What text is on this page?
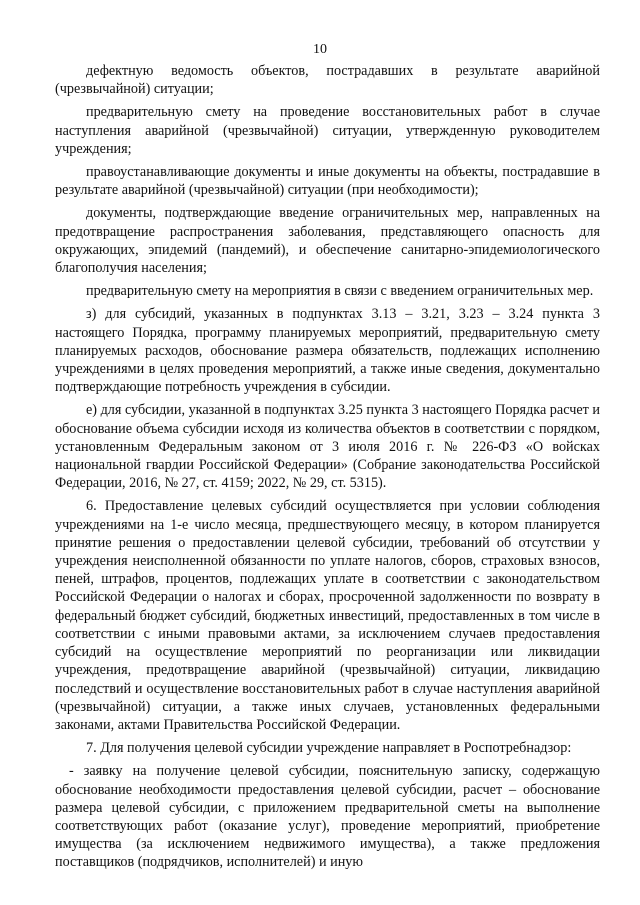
10

дефектную ведомость объектов, пострадавших в результате аварийной (чрезвычайной) ситуации;

предварительную смету на проведение восстановительных работ в случае наступления аварийной (чрезвычайной) ситуации, утвержденную руководителем учреждения;

правоустанавливающие документы и иные документы на объекты, пострадавшие в результате аварийной (чрезвычайной) ситуации (при необходимости);

документы, подтверждающие введение ограничительных мер, направленных на предотвращение распространения заболевания, представляющего опасность для окружающих, эпидемий (пандемий), и обеспечение санитарно-эпидемиологического благополучия населения;

предварительную смету на мероприятия в связи с введением ограничительных мер.

з) для субсидий, указанных в подпунктах 3.13 – 3.21, 3.23 – 3.24 пункта 3 настоящего Порядка, программу планируемых мероприятий, предварительную смету планируемых расходов, обоснование размера обязательств, подлежащих исполнению учреждениями в целях проведения мероприятий, а также иные сведения, документально подтверждающие потребность учреждения в субсидии.

е) для субсидии, указанной в подпунктах 3.25 пункта 3 настоящего Порядка расчет и обоснование объема субсидии исходя из количества объектов в соответствии с порядком, установленным Федеральным законом от 3 июля 2016 г. № 226-ФЗ «О войсках национальной гвардии Российской Федерации» (Собрание законодательства Российской Федерации, 2016, № 27, ст. 4159; 2022, № 29, ст. 5315).

6. Предоставление целевых субсидий осуществляется при условии соблюдения учреждениями на 1-е число месяца, предшествующего месяцу, в котором планируется принятие решения о предоставлении целевой субсидии, требований об отсутствии у учреждения неисполненной обязанности по уплате налогов, сборов, страховых взносов, пеней, штрафов, процентов, подлежащих уплате в соответствии с законодательством Российской Федерации о налогах и сборах, просроченной задолженности по возврату в федеральный бюджет субсидий, бюджетных инвестиций, предоставленных в том числе в соответствии с иными правовыми актами, за исключением случаев предоставления субсидий на осуществление мероприятий по реорганизации или ликвидации учреждения, предотвращение аварийной (чрезвычайной) ситуации, ликвидацию последствий и осуществление восстановительных работ в случае наступления аварийной (чрезвычайной) ситуации, а также иных случаев, установленных федеральными законами, актами Правительства Российской Федерации.

7. Для получения целевой субсидии учреждение направляет в Роспотребнадзор:

- заявку на получение целевой субсидии, пояснительную записку, содержащую обоснование необходимости предоставления целевой субсидии, расчет – обоснование размера целевой субсидии, с приложением предварительной сметы на выполнение соответствующих работ (оказание услуг), проведение мероприятий, приобретение имущества (за исключением недвижимого имущества), а также предложения поставщиков (подрядчиков, исполнителей) и иную
